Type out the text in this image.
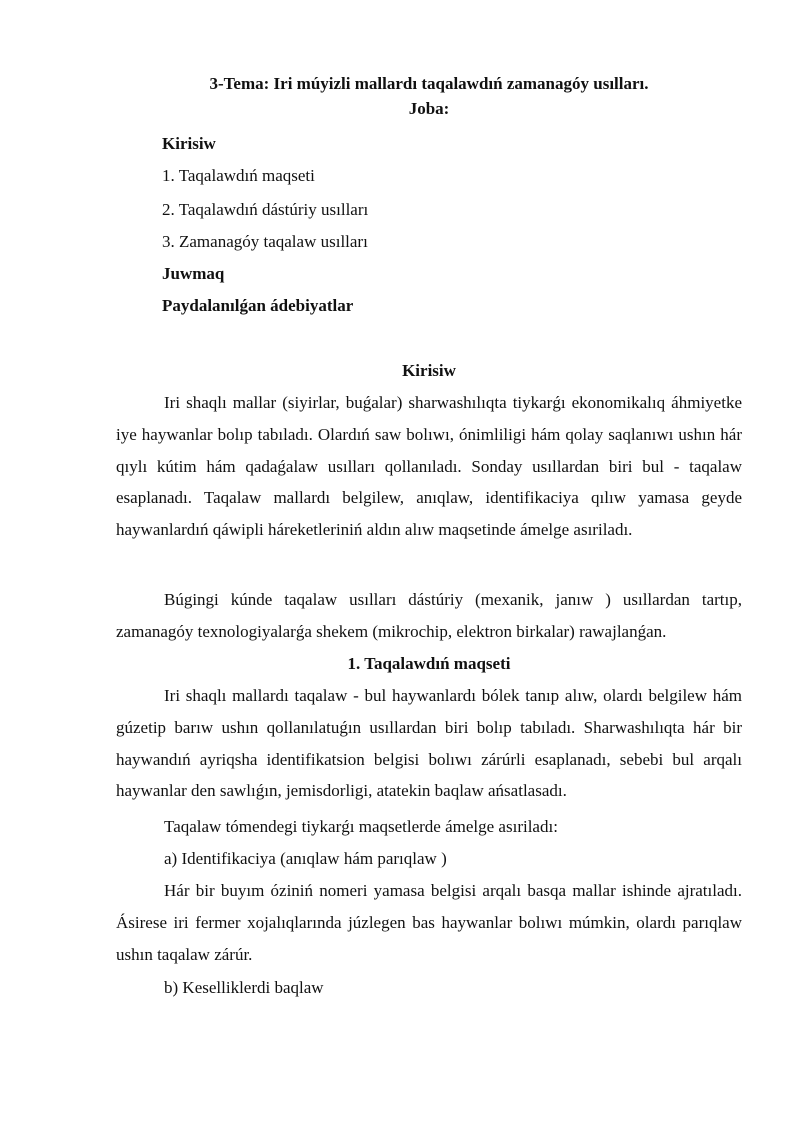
3-Tema: Iri múyizli mallardı taqalawdıń zamanagóy usılları.
Joba:
Kirisiw
1. Taqalawdıń maqseti
2. Taqalawdıń dástúriy usılları
3. Zamanagóy taqalaw usılları
Juwmaq
Paydalanılǵan ádebiyatlar
Kirisiw

Iri shaqlı mallar (siyirlar, buǵalar) sharwashılıqta tiykarǵı ekonomikalıq áhmiyetke iye haywanlar bolıp tabıladı. Olardıń saw bolıwı, ónimliligi hám qolay saqlanıwı ushın hár qıylı kútim hám qadaǵalaw usılları qollanıladı. Sonday usıllardan biri bul - taqalaw esaplanadı. Taqalaw mallardı belgilew, anıqlaw, identifikaciya qılıw yamasa geyde haywanlardıń qáwipli háreketleriniń aldın alıw maqsetinde ámelge asıriladı.

Búgingi kúnde taqalaw usılları dástúriy (mexanik, janıw ) usıllardan tartıp, zamanagóy texnologiyalarǵa shekem (mikrochip, elektron birkalar) rawajlanǵan.

1. Taqalawdıń maqseti

Iri shaqlı mallardı taqalaw - bul haywanlardı bólek tanıp alıw, olardı belgilew hám gúzetip barıw ushın qollanılatuǵın usıllardan biri bolıp tabıladı. Sharwashılıqta hár bir haywandıń ayriqsha identifikatsion belgisi bolıwı zárúrli esaplanadı, sebebi bul arqalı haywanlar den sawlıǵın, jemisdorligi, atatekin baqlaw ańsatlasadı.

Taqalaw tómendegi tiykarǵı maqsetlerde ámelge asıriladı:
a) Identifikaciya (anıqlaw hám parıqlaw )

Hár bir buyım óziniń nomeri yamasa belgisi arqalı basqa mallar ishinde ajratıladı. Ásirese iri fermer xojalıqlarında júzlegen bas haywanlar bolıwı múmkin, olardı parıqlaw ushın taqalaw zárúr.

b) Keselliklerdi baqlaw
